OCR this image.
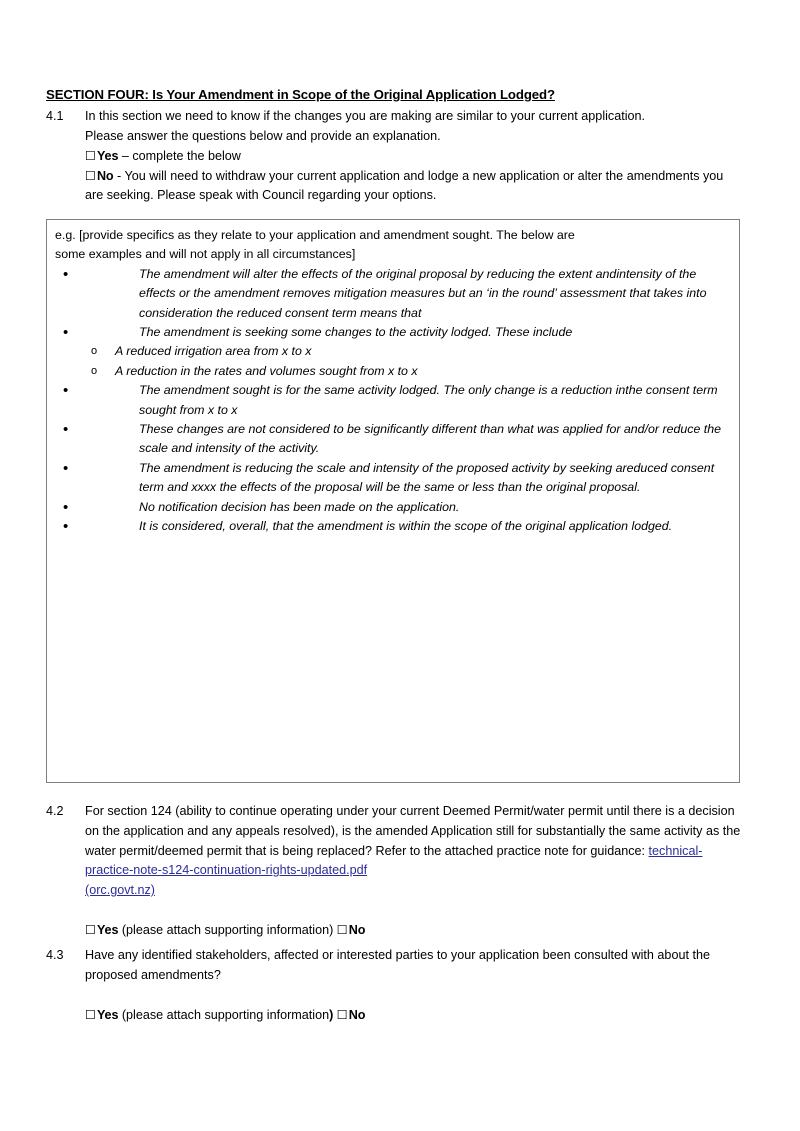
SECTION FOUR: Is Your Amendment in Scope of the Original Application Lodged?
4.1	In this section we need to know if the changes you are making are similar to your current application.

Please answer the questions below and provide an explanation.

☐Yes – complete the below

☐No - You will need to withdraw your current application and lodge a new application or alter the amendments you are seeking. Please speak with Council regarding your options.

e.g. [provide specifics as they relate to your application and amendment sought. The below are

some examples and will not apply in all circumstances]

•	The amendment will alter the effects of the original proposal by reducing the extent andintensity of the effects or the amendment removes mitigation measures but an ‘in the round’ assessment that takes into consideration the reduced consent term means that
•	The amendment is seeking some changes to the activity lodged. These include
o A reduced irrigation area from x to x
o A reduction in the rates and volumes sought from x to x
•	The amendment sought is for the same activity lodged. The only change is a reduction inthe consent term sought from x to x
•	These changes are not considered to be significantly different than what was applied for and/or reduce the scale and intensity of the activity.
•	The amendment is reducing the scale and intensity of the proposed activity by seeking areduced consent term and xxxx the effects of the proposal will be the same or less than the original proposal.
•	No notification decision has been made on the application.
•	It is considered, overall, that the amendment is within the scope of the original application lodged.
4.2	For section 124 (ability to continue operating under your current Deemed Permit/water permit until there is a decision on the application and any appeals resolved), is the amended Application still for substantially the same activity as the water permit/deemed permit that is being replaced? Refer to the attached practice note for guidance: technical-practice-note-s124-continuation-rights-updated.pdf
(orc.govt.nz)
☐Yes (please attach supporting information) ☐No
4.3	Have any identified stakeholders, affected or interested parties to your application been consulted with about the proposed amendments?
☐Yes (please attach supporting information) ☐No
